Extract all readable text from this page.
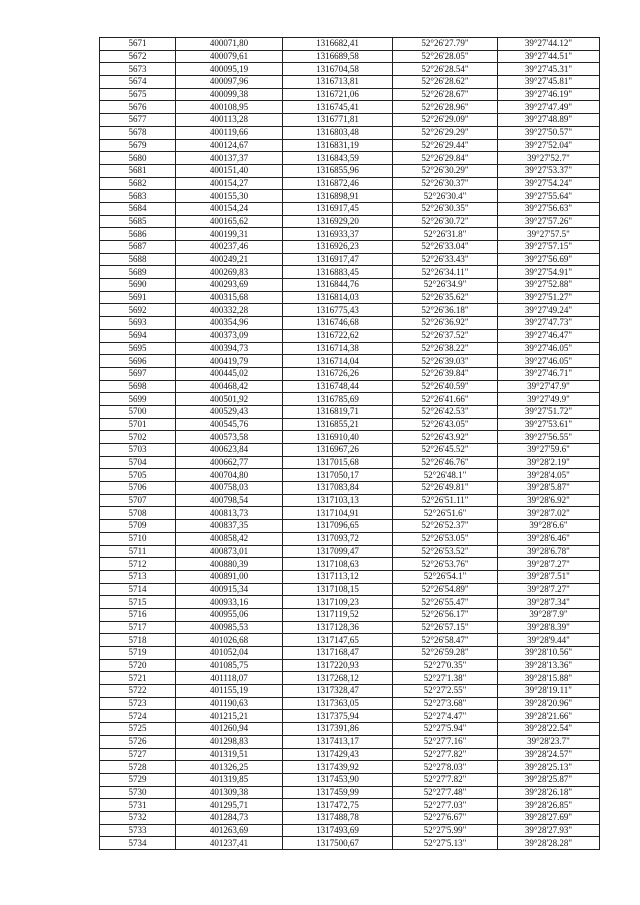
5671	400071,80	1316682,41	52°26'27.79"	39°27'44.12"
5672	400079,61	1316689,58	52°26'28.05"	39°27'44.51"
5673	400095,19	1316704,58	52°26'28.54"	39°27'45.31"
5674	400097,96	1316713,81	52°26'28.62"	39°27'45.81"
5675	400099,38	1316721,06	52°26'28.67"	39°27'46.19"
5676	400108,95	1316745,41	52°26'28.96"	39°27'47.49"
5677	400113,28	1316771,81	52°26'29.09"	39°27'48.89"
5678	400119,66	1316803,48	52°26'29.29"	39°27'50.57"
5679	400124,67	1316831,19	52°26'29.44"	39°27'52.04"
5680	400137,37	1316843,59	52°26'29.84"	39°27'52.7"
5681	400151,40	1316855,96	52°26'30.29"	39°27'53.37"
5682	400154,27	1316872,46	52°26'30.37"	39°27'54.24"
5683	400155,30	1316898,91	52°26'30.4"	39°27'55.64"
5684	400154,24	1316917,45	52°26'30.35"	39°27'56.63"
5685	400165,62	1316929,20	52°26'30.72"	39°27'57.26"
5686	400199,31	1316933,37	52°26'31.8"	39°27'57.5"
5687	400237,46	1316926,23	52°26'33.04"	39°27'57.15"
5688	400249,21	1316917,47	52°26'33.43"	39°27'56.69"
5689	400269,83	1316883,45	52°26'34.11"	39°27'54.91"
5690	400293,69	1316844,76	52°26'34.9"	39°27'52.88"
5691	400315,68	1316814,03	52°26'35.62"	39°27'51.27"
5692	400332,28	1316775,43	52°26'36.18"	39°27'49.24"
5693	400354,96	1316746,68	52°26'36.92"	39°27'47.73"
5694	400373,09	1316722,62	52°26'37.52"	39°27'46.47"
5695	400394,73	1316714,38	52°26'38.22"	39°27'46.05"
5696	400419,79	1316714,04	52°26'39.03"	39°27'46.05"
5697	400445,02	1316726,26	52°26'39.84"	39°27'46.71"
5698	400468,42	1316748,44	52°26'40.59"	39°27'47.9"
5699	400501,92	1316785,69	52°26'41.66"	39°27'49.9"
5700	400529,43	1316819,71	52°26'42.53"	39°27'51.72"
5701	400545,76	1316855,21	52°26'43.05"	39°27'53.61"
5702	400573,58	1316910,40	52°26'43.92"	39°27'56.55"
5703	400623,84	1316967,26	52°26'45.52"	39°27'59.6"
5704	400662,77	1317015,68	52°26'46.76"	39°28'2.19"
5705	400704,80	1317050,17	52°26'48.1"	39°28'4.05"
5706	400758,03	1317083,84	52°26'49.81"	39°28'5.87"
5707	400798,54	1317103,13	52°26'51.11"	39°28'6.92"
5708	400813,73	1317104,91	52°26'51.6"	39°28'7.02"
5709	400837,35	1317096,65	52°26'52.37"	39°28'6.6"
5710	400858,42	1317093,72	52°26'53.05"	39°28'6.46"
5711	400873,01	1317099,47	52°26'53.52"	39°28'6.78"
5712	400880,39	1317108,63	52°26'53.76"	39°28'7.27"
5713	400891,00	1317113,12	52°26'54.1"	39°28'7.51"
5714	400915,34	1317108,15	52°26'54.89"	39°28'7.27"
5715	400933,16	1317109,23	52°26'55.47"	39°28'7.34"
5716	400955,06	1317119,52	52°26'56.17"	39°28'7.9"
5717	400985,53	1317128,36	52°26'57.15"	39°28'8.39"
5718	401026,68	1317147,65	52°26'58.47"	39°28'9.44"
5719	401052,04	1317168,47	52°26'59.28"	39°28'10.56"
5720	401085,75	1317220,93	52°27'0.35"	39°28'13.36"
5721	401118,07	1317268,12	52°27'1.38"	39°28'15.88"
5722	401155,19	1317328,47	52°27'2.55"	39°28'19.11"
5723	401190,63	1317363,05	52°27'3.68"	39°28'20.96"
5724	401215,21	1317375,94	52°27'4.47"	39°28'21.66"
5725	401260,94	1317391,86	52°27'5.94"	39°28'22.54"
5726	401298,83	1317413,17	52°27'7.16"	39°28'23.7"
5727	401319,51	1317429,43	52°27'7.82"	39°28'24.57"
5728	401326,25	1317439,92	52°27'8.03"	39°28'25.13"
5729	401319,85	1317453,90	52°27'7.82"	39°28'25.87"
5730	401309,38	1317459,99	52°27'7.48"	39°28'26.18"
5731	401295,71	1317472,75	52°27'7.03"	39°28'26.85"
5732	401284,73	1317488,78	52°27'6.67"	39°28'27.69"
5733	401263,69	1317493,69	52°27'5.99"	39°28'27.93"
5734	401237,41	1317500,67	52°27'5.13"	39°28'28.28"
